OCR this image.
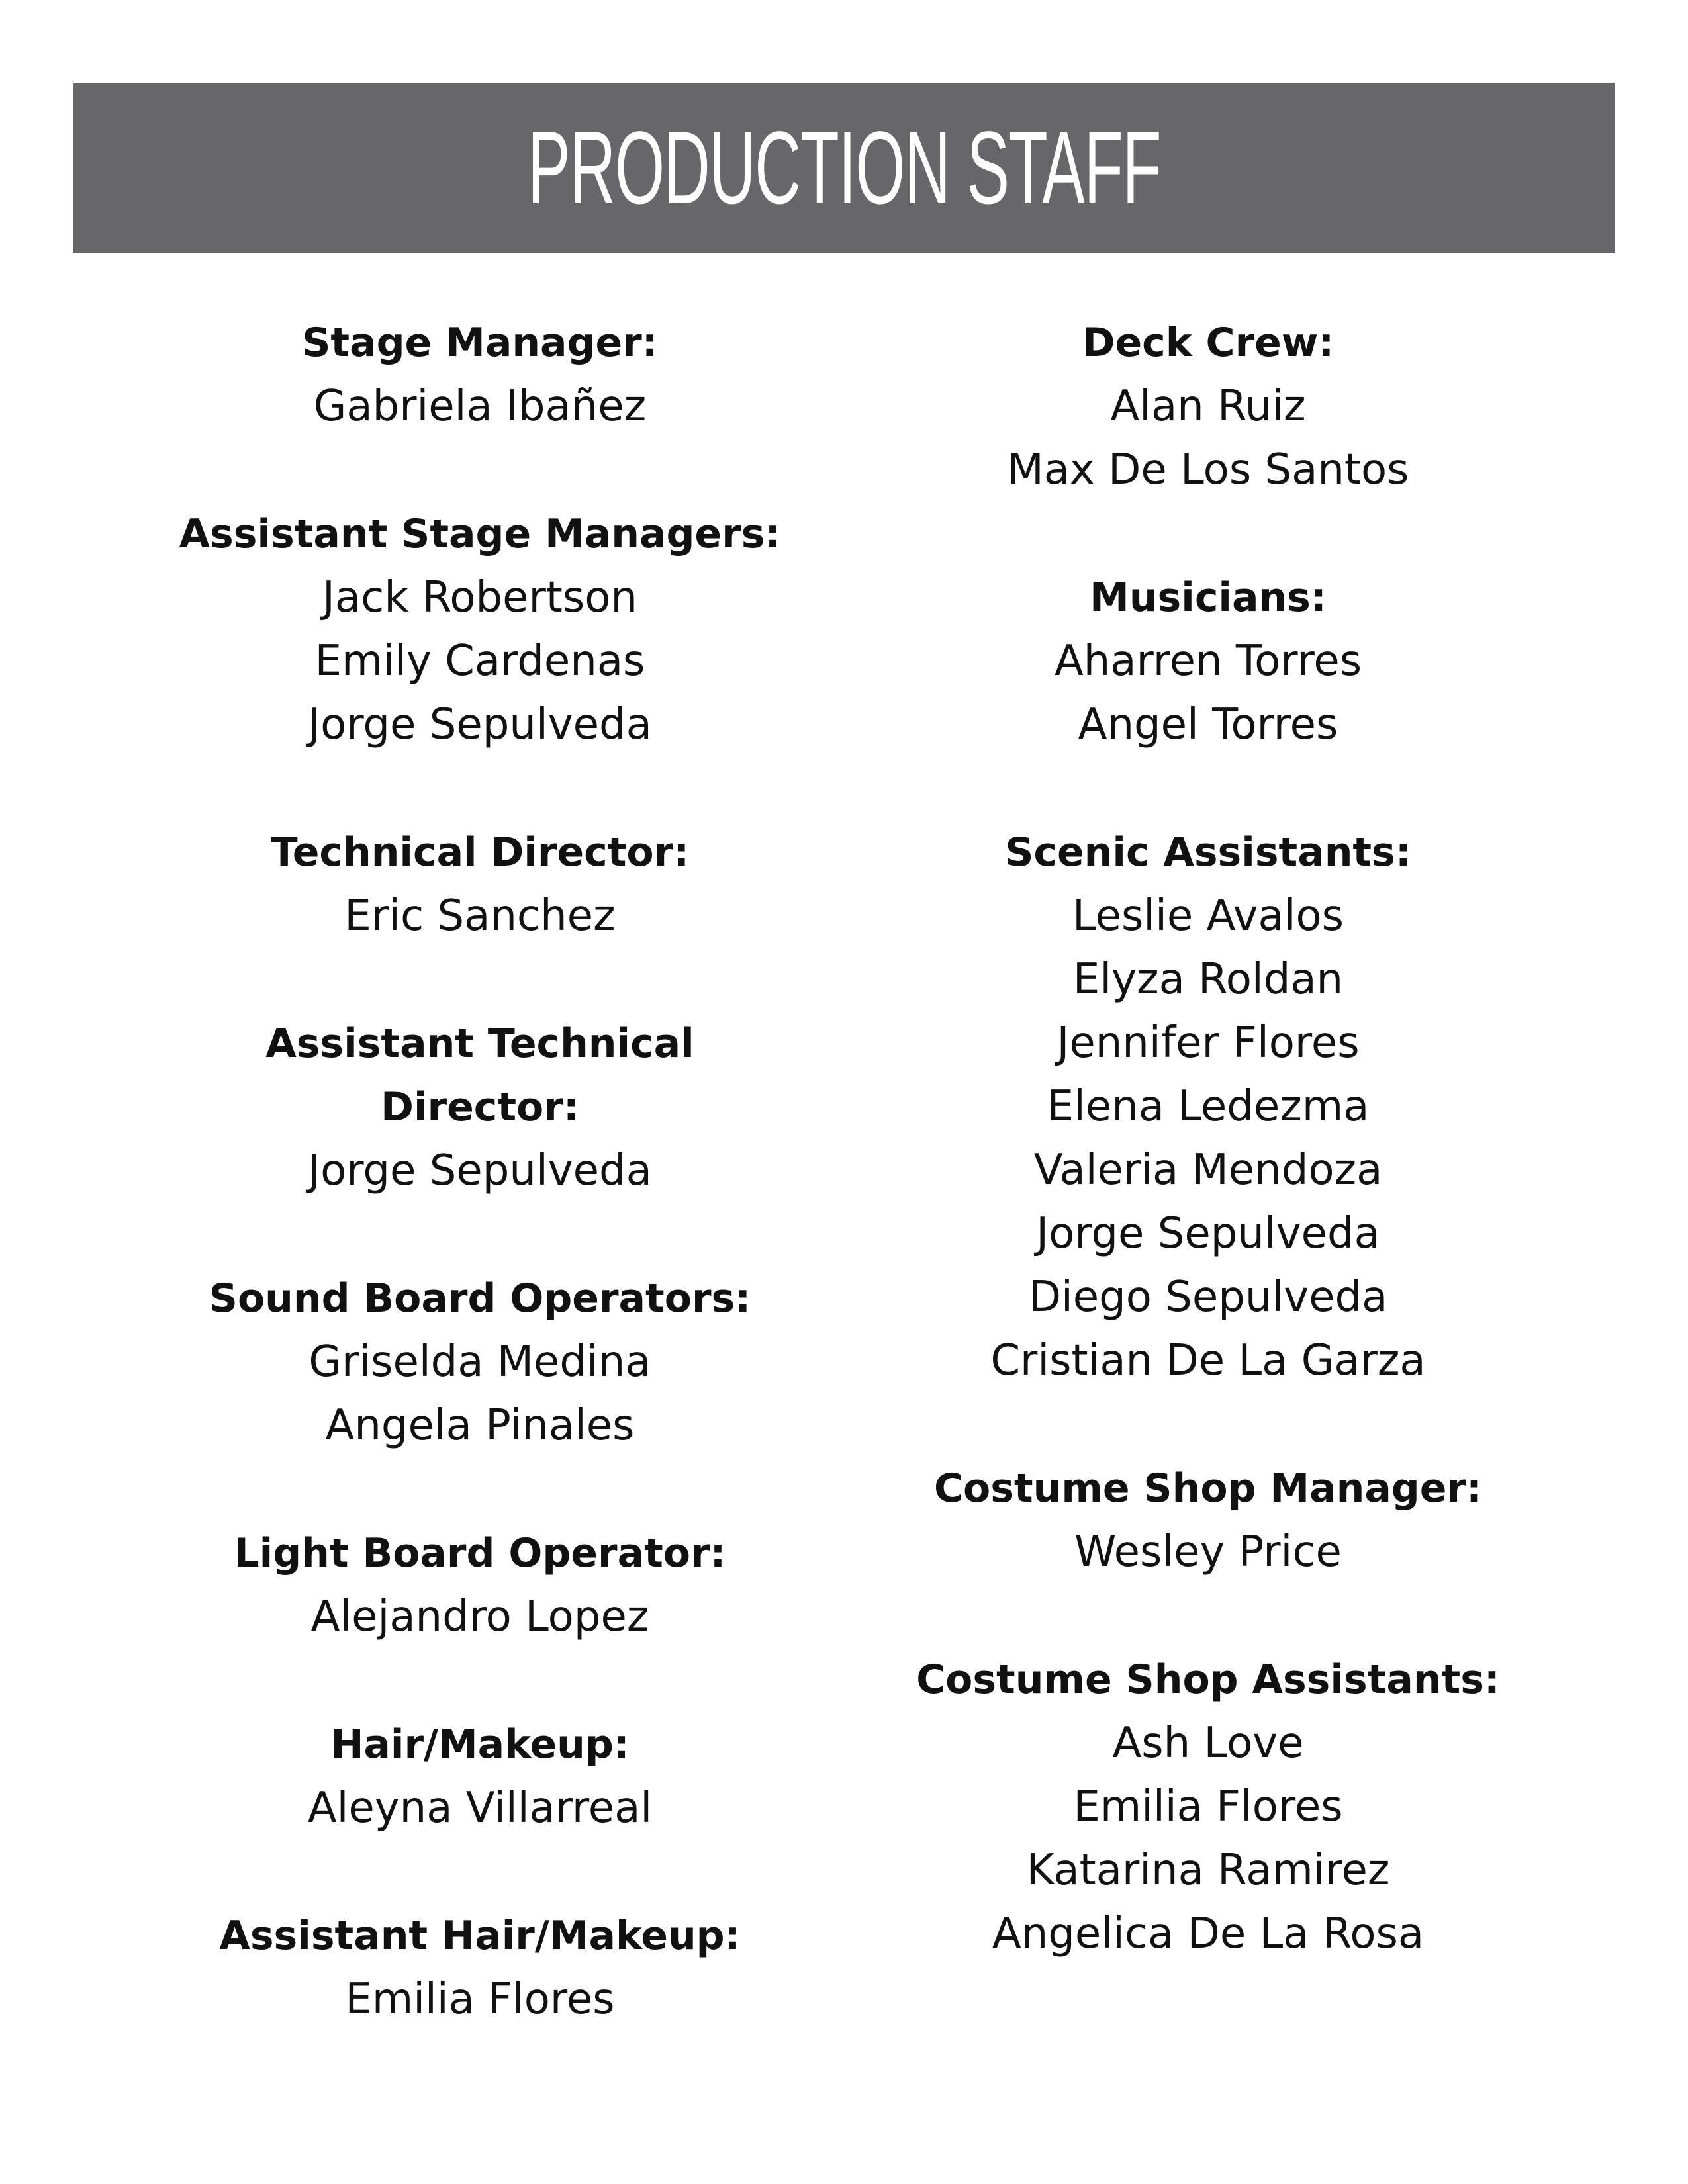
PRODUCTION STAFF
Stage Manager:
Gabriela Ibañez
Assistant Stage Managers:
Jack Robertson
Emily Cardenas
Jorge Sepulveda
Technical Director:
Eric Sanchez
Assistant Technical Director:
Jorge Sepulveda
Sound Board Operators:
Griselda Medina
Angela Pinales
Light Board Operator:
Alejandro Lopez
Hair/Makeup:
Aleyna Villarreal
Assistant Hair/Makeup:
Emilia Flores
Deck Crew:
Alan Ruiz
Max De Los Santos
Musicians:
Aharren Torres
Angel Torres
Scenic Assistants:
Leslie Avalos
Elyza Roldan
Jennifer Flores
Elena Ledezma
Valeria Mendoza
Jorge Sepulveda
Diego Sepulveda
Cristian De La Garza
Costume Shop Manager:
Wesley Price
Costume Shop Assistants:
Ash Love
Emilia Flores
Katarina Ramirez
Angelica De La Rosa
